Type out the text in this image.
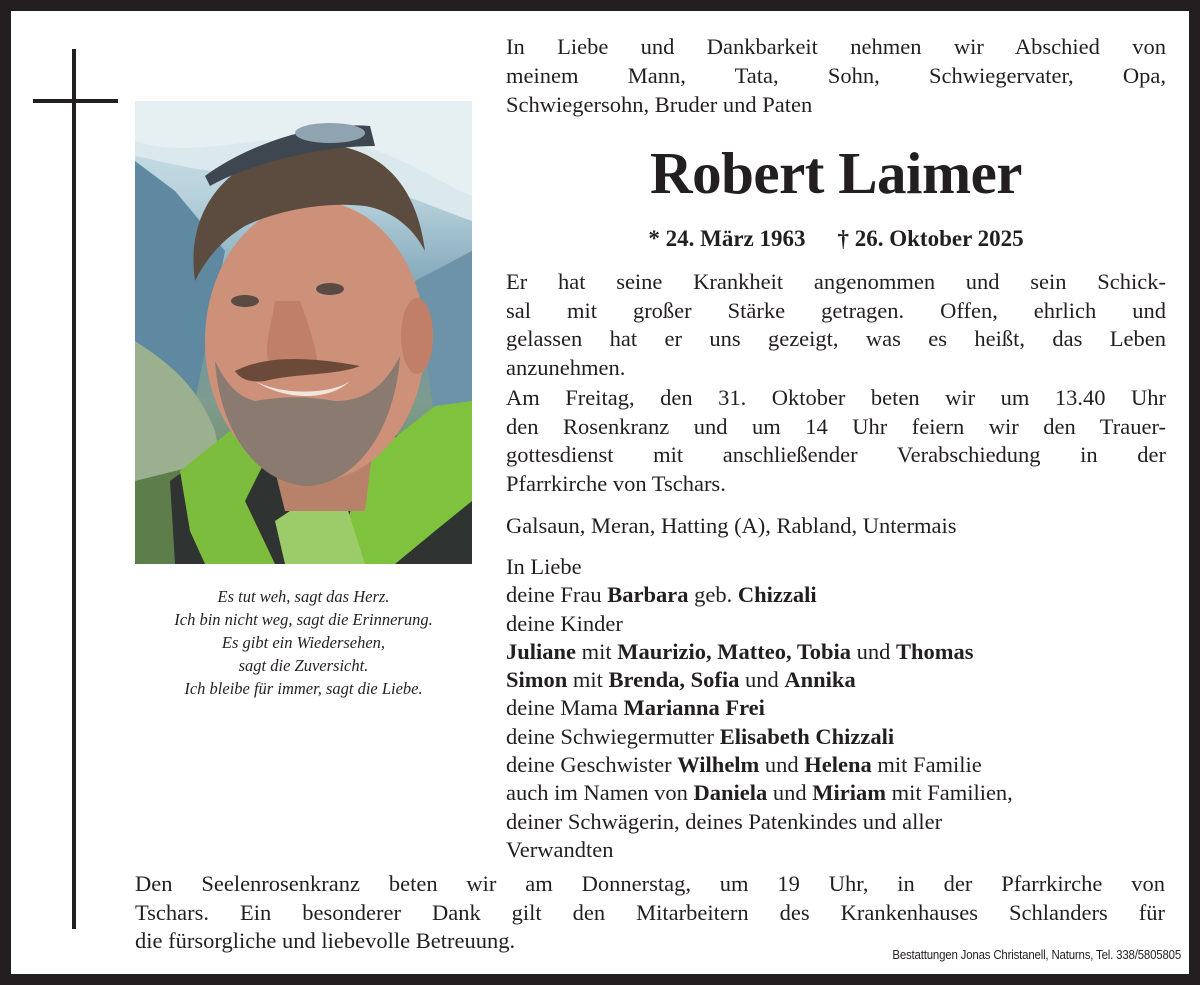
Es tut weh, sagt das Herz.
Ich bin nicht weg, sagt die Erinnerung.
Es gibt ein Wiedersehen,
sagt die Zuversicht.
Ich bleibe für immer, sagt die Liebe.
In Liebe und Dankbarkeit nehmen wir Abschied von
meinem Mann, Tata, Sohn, Schwiegervater, Opa,
Schwiegersohn, Bruder und Paten
Robert Laimer
* 24. März 1963 † 26. Oktober 2025
Er hat seine Krankheit angenommen und sein Schick-
sal mit großer Stärke getragen. Offen, ehrlich und
gelassen hat er uns gezeigt, was es heißt, das Leben
anzunehmen.
Am Freitag, den 31. Oktober beten wir um 13.40 Uhr
den Rosenkranz und um 14 Uhr feiern wir den Trauer-
gottesdienst mit anschließender Verabschiedung in der
Pfarrkirche von Tschars.
Galsaun, Meran, Hatting (A), Rabland, Untermais
In Liebe
deine Frau Barbara geb. Chizzali
deine Kinder
Juliane mit Maurizio, Matteo, Tobia und Thomas
Simon mit Brenda, Sofia und Annika
deine Mama Marianna Frei
deine Schwiegermutter Elisabeth Chizzali
deine Geschwister Wilhelm und Helena mit Familie
auch im Namen von Daniela und Miriam mit Familien,
deiner Schwägerin, deines Patenkindes und aller
Verwandten
Den Seelenrosenkranz beten wir am Donnerstag, um 19 Uhr, in der Pfarrkirche von
Tschars. Ein besonderer Dank gilt den Mitarbeitern des Krankenhauses Schlanders für
die fürsorgliche und liebevolle Betreuung.
Bestattungen Jonas Christanell, Naturns, Tel. 338/5805805
